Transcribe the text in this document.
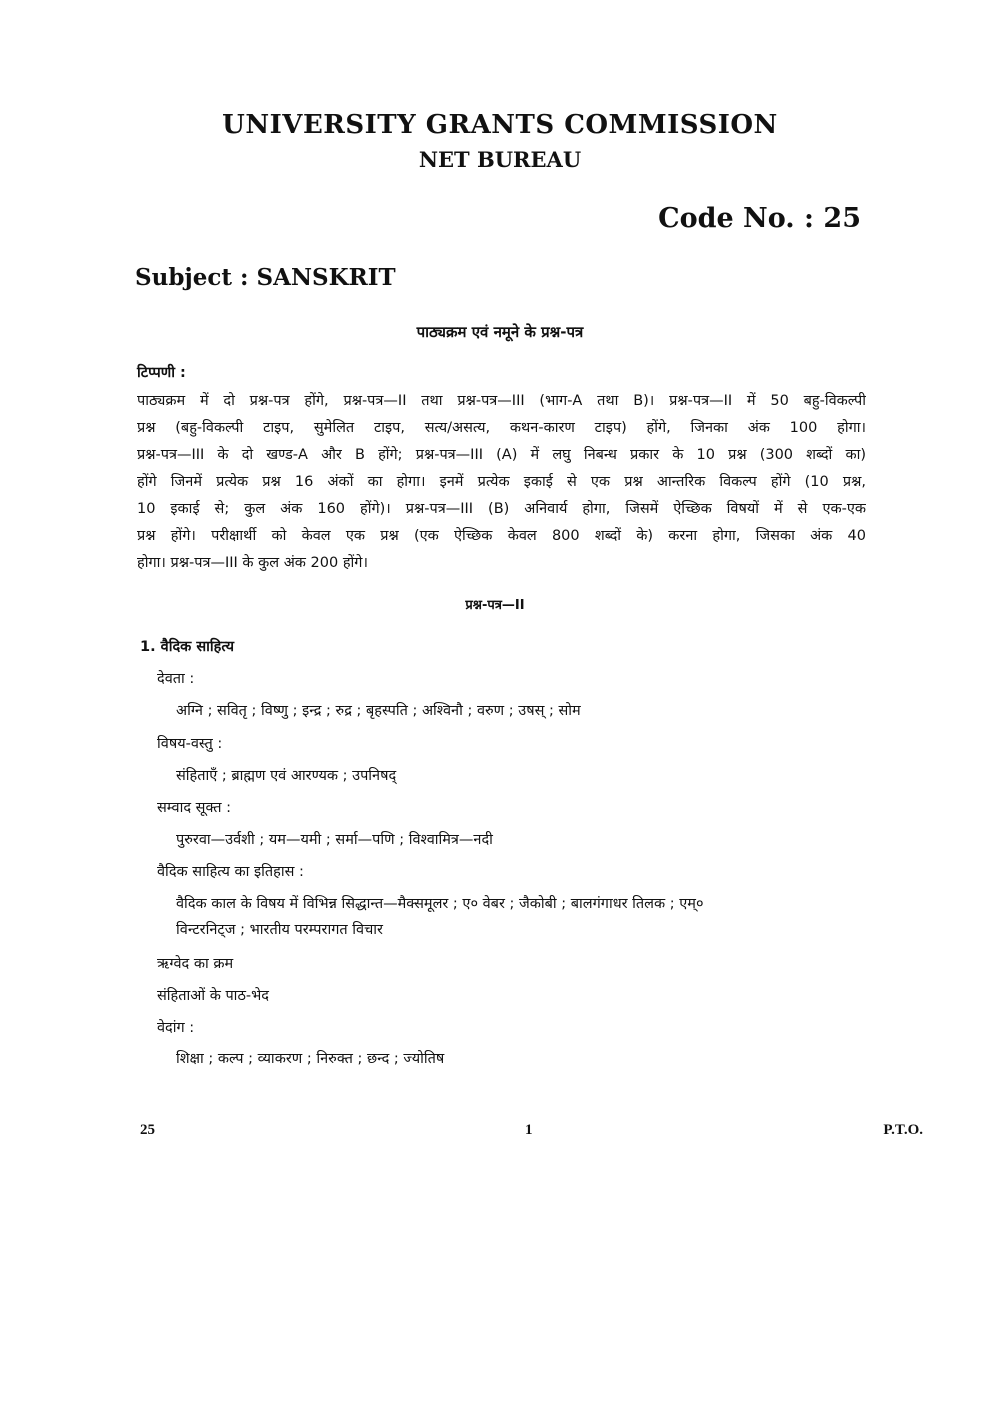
UNIVERSITY GRANTS COMMISSION
NET BUREAU
Code No. : 25
Subject : SANSKRIT
पाठ्यक्रम एवं नमूने के प्रश्न-पत्र
टिप्पणी :
पाठ्यक्रम में दो प्रश्न-पत्र होंगे, प्रश्न-पत्र—II तथा प्रश्न-पत्र—III (भाग-A तथा B)। प्रश्न-पत्र—II में 50 बहु-विकल्पी
प्रश्न (बहु-विकल्पी टाइप, सुमेलित टाइप, सत्य/असत्य, कथन-कारण टाइप) होंगे, जिनका अंक 100 होगा।
प्रश्न-पत्र—III के दो खण्ड-A और B होंगे; प्रश्न-पत्र—III (A) में लघु निबन्ध प्रकार के 10 प्रश्न (300 शब्दों का)
होंगे जिनमें प्रत्येक प्रश्न 16 अंकों का होगा। इनमें प्रत्येक इकाई से एक प्रश्न आन्तरिक विकल्प होंगे (10 प्रश्न,
10 इकाई से; कुल अंक 160 होंगे)। प्रश्न-पत्र—III (B) अनिवार्य होगा, जिसमें ऐच्छिक विषयों में से एक-एक
प्रश्न होंगे। परीक्षार्थी को केवल एक प्रश्न (एक ऐच्छिक केवल 800 शब्दों के) करना होगा, जिसका अंक 40
होगा। प्रश्न-पत्र—III के कुल अंक 200 होंगे।
प्रश्न-पत्र—II
1. वैदिक साहित्य
देवता :
अग्नि ; सवितृ ; विष्णु ; इन्द्र ; रुद्र ; बृहस्पति ; अश्विनौ ; वरुण ; उषस् ; सोम
विषय-वस्तु :
संहिताएँ ; ब्राह्मण एवं आरण्यक ; उपनिषद्
सम्वाद सूक्त :
पुरुरवा—उर्वशी ; यम—यमी ; सर्मा—पणि ; विश्वामित्र—नदी
वैदिक साहित्य का इतिहास :
वैदिक काल के विषय में विभिन्न सिद्धान्त—मैक्समूलर ; ए० वेबर ; जैकोबी ; बालगंगाधर तिलक ; एम्०
विन्टरनिट्ज ; भारतीय परम्परागत विचार
ऋग्वेद का क्रम
संहिताओं के पाठ-भेद
वेदांग :
शिक्षा ; कल्प ; व्याकरण ; निरुक्त ; छन्द ; ज्योतिष
25	1	P.T.O.
